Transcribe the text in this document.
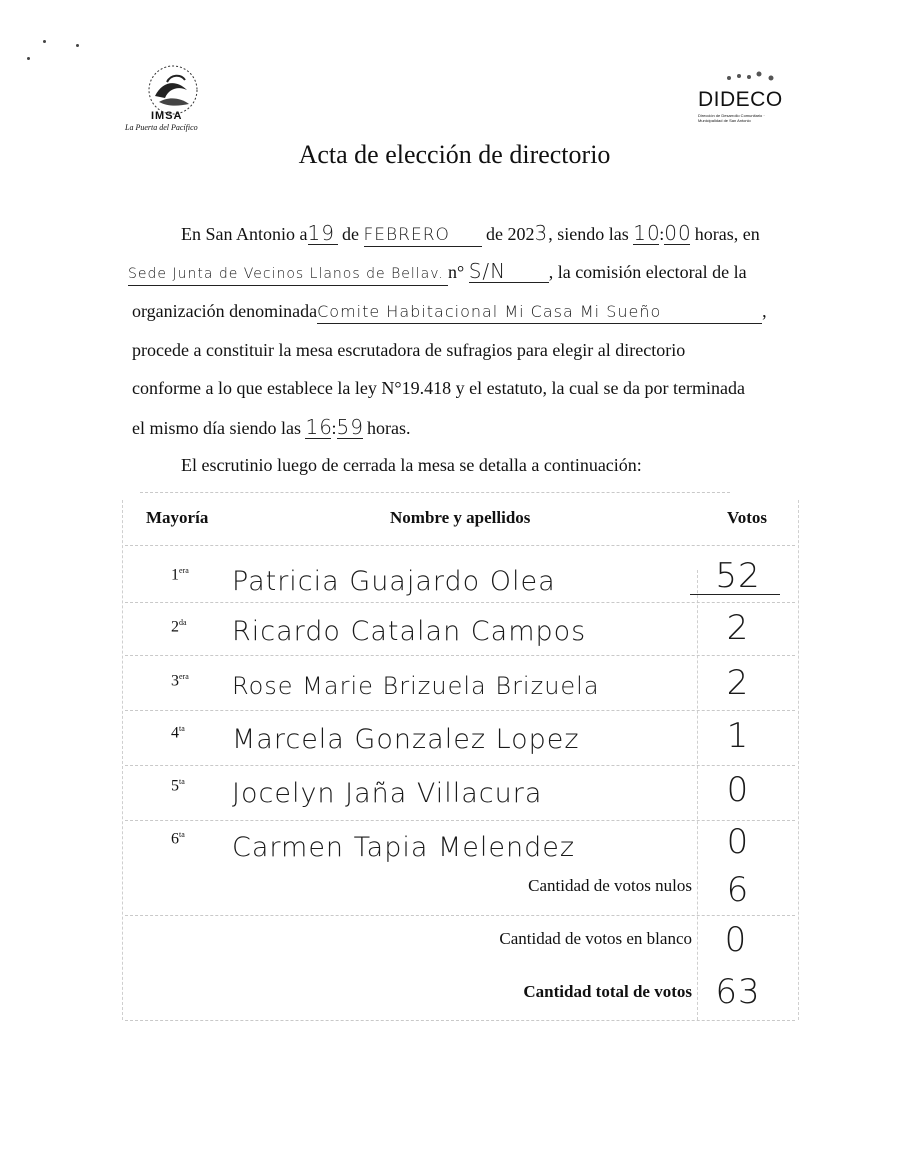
IMSA
La Puerta del Pacífico
DIDECO
Dirección de Desarrollo Comunitario · Municipalidad de San Antonio
Acta de elección de directorio
En San Antonio a19 de FEBRERO de 2023, siendo las 10:00 horas, en
Sede Junta de Vecinos Llanos de Bellav. n° S/N , la comisión electoral de la
organización denominadaComite Habitacional Mi Casa Mi Sueño	,
procede a constituir la mesa escrutadora de sufragios para elegir al directorio
conforme a lo que establece la ley N°19.418 y el estatuto, la cual se da por terminada
el mismo día siendo las 16:59 horas.
El escrutinio luego de cerrada la mesa se detalla a continuación:
Mayoría	Nombre y apellidos	Votos
$1^{era}$ Patricia Guajardo Olea	52
$2^{da}$ Ricardo Catalan Campos	2
$3^{era}$ Rose Marie Brizuela Brizuela	2
$4^{ta}$ Marcela Gonzalez Lopez	1
$5^{ta}$ Jocelyn Jaña Villacura	0
$6^{ta}$ Carmen Tapia Melendez	0
Cantidad de votos nulos	6
Cantidad de votos en blanco 0
Cantidad total de votos 63
